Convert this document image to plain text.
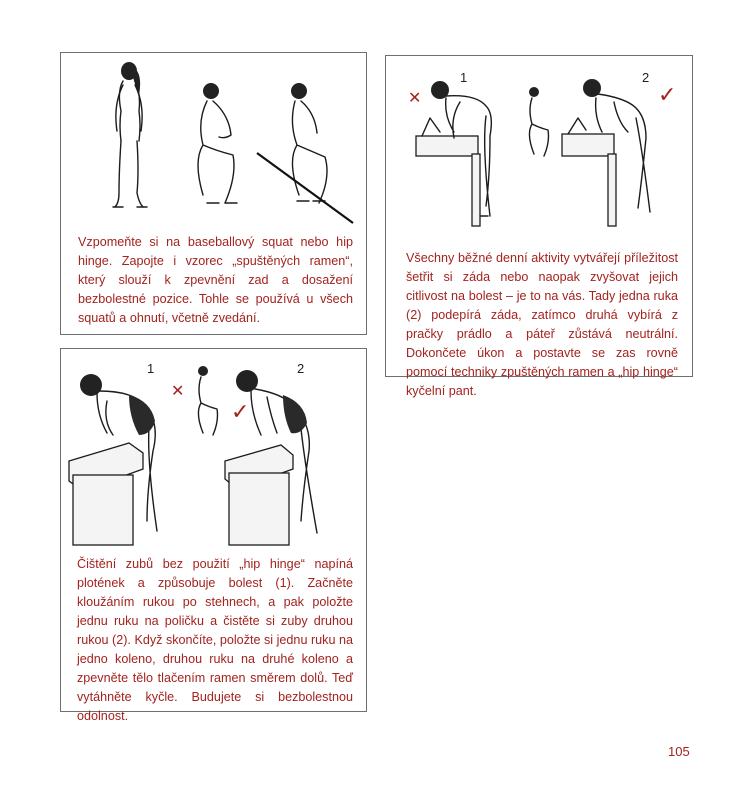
Vzpomeňte si na baseballový squat nebo hip hinge. Zapojte i vzorec „spuštěných ramen“, který slouží k zpevnění zad a dosažení bezbolestné pozice. Tohle se používá u všech squatů a ohnutí, včetně zvedání.

✕
1	2
✓

Všechny běžné denní aktivity vytvářejí příležitost šetřit si záda nebo naopak zvyšovat jejich citlivost na bolest – je to na vás. Tady jedna ruka (2) podepírá záda, zatímco druhá vybírá z pračky prádlo a páteř zůstává neutrální. Dokončete úkon a postavte se zas rovně pomocí techniky zpuštěných ramen a „hip hinge“ kyčelní pant.

1
✕
✓
2

Čištění zubů bez použití „hip hinge“ napíná plotének a způsobuje bolest (1). Začněte kloužáním rukou po stehnech, a pak položte jednu ruku na poličku a čistěte si zuby druhou rukou (2). Když skončíte, položte si jednu ruku na jedno koleno, druhou ruku na druhé koleno a zpevněte tělo tlačením ramen směrem dolů. Teď vytáhněte kyčle. Budujete si bezbolestnou odolnost.

105
